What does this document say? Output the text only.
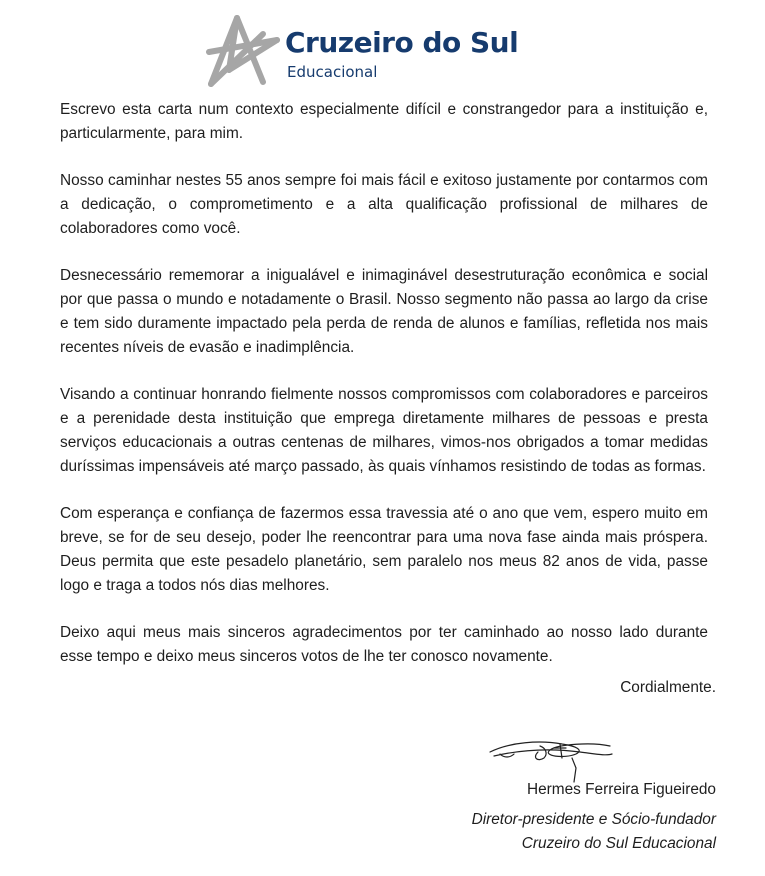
Cruzeiro do Sul
Educacional

Escrevo esta carta num contexto especialmente difícil e constrangedor para a instituição e, particularmente, para mim.

Nosso caminhar nestes 55 anos sempre foi mais fácil e exitoso justamente por contarmos com a dedicação, o comprometimento e a alta qualificação profissional de milhares de colaboradores como você.

Desnecessário rememorar a inigualável e inimaginável desestruturação econômica e social por que passa o mundo e notadamente o Brasil. Nosso segmento não passa ao largo da crise e tem sido duramente impactado pela perda de renda de alunos e famílias, refletida nos mais recentes níveis de evasão e inadimplência.

Visando a continuar honrando fielmente nossos compromissos com colaboradores e parceiros e a perenidade desta instituição que emprega diretamente milhares de pessoas e presta serviços educacionais a outras centenas de milhares, vimos-nos obrigados a tomar medidas duríssimas impensáveis até março passado, às quais vínhamos resistindo de todas as formas.

Com esperança e confiança de fazermos essa travessia até o ano que vem, espero muito em breve, se for de seu desejo, poder lhe reencontrar para uma nova fase ainda mais próspera. Deus permita que este pesadelo planetário, sem paralelo nos meus 82 anos de vida, passe logo e traga a todos nós dias melhores.

Deixo aqui meus mais sinceros agradecimentos por ter caminhado ao nosso lado durante esse tempo e deixo meus sinceros votos de lhe ter conosco novamente.

Cordialmente.
Hermes Ferreira Figueiredo
Diretor-presidente e Sócio-fundador
Cruzeiro do Sul Educacional
